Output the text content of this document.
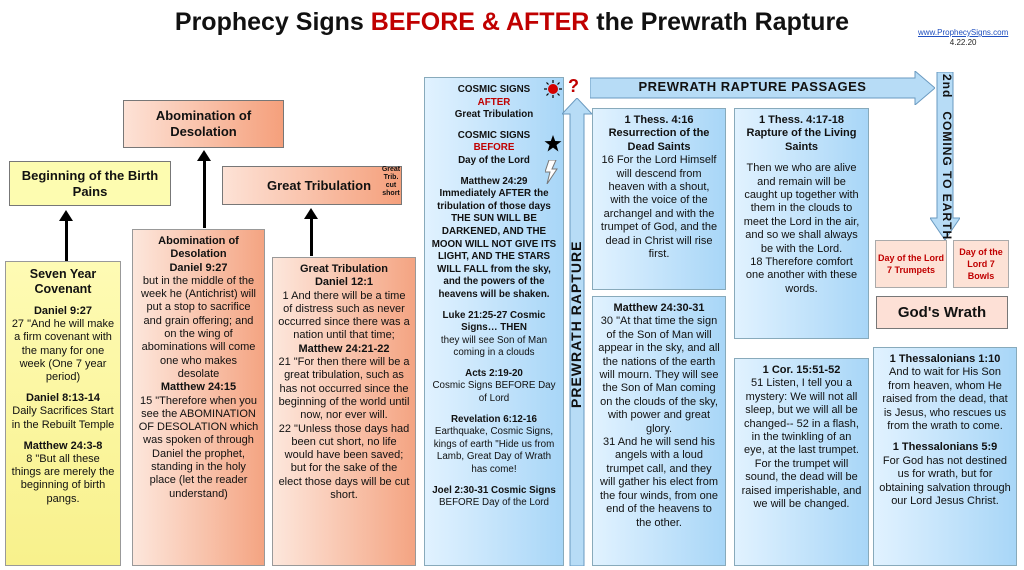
Prophecy Signs BEFORE & AFTER the Prewrath Rapture	www.ProphecySigns.com
4.22.20
Beginning of the Birth Pains
Abomination of Desolation
Great Tribulation
Great Trib. cut short
Seven Year Covenant
Daniel 9:27
27 "And he will make a firm covenant with the many for one week (One 7 year period)
Daniel 8:13-14
Daily Sacrifices Start in the Rebuilt Temple
Matthew 24:3-8
8 "But all these things are merely the beginning of birth pangs.
Abomination of Desolation
Daniel 9:27
but in the middle of the week he (Antichrist) will put a stop to sacrifice and grain offering; and on the wing of abominations will come one who makes desolate
Matthew 24:15
15 "Therefore when you see the ABOMINATION OF DESOLATION which was spoken of through Daniel the prophet, standing in the holy place (let the reader understand)
Great Tribulation
Daniel 12:1
1 And there will be a time of distress such as never occurred since there was a nation until that time;
Matthew 24:21-22
21 "For then there will be a great tribulation, such as has not occurred since the beginning of the world until now, nor ever will.
22 "Unless those days had been cut short, no life would have been saved; but for the sake of the elect those days will be cut short.
COSMIC SIGNS
AFTER
Great Tribulation
COSMIC SIGNS
BEFORE
Day of the Lord
Matthew 24:29
Immediately AFTER the tribulation of those days THE SUN WILL BE DARKENED, AND THE MOON WILL NOT GIVE ITS LIGHT, AND THE STARS WILL FALL from the sky, and the powers of the heavens will be shaken.
Luke 21:25-27 Cosmic Signs… THEN
they will see Son of Man coming in a clouds
Acts 2:19-20
Cosmic Signs BEFORE Day of Lord
Revelation 6:12-16
Earthquake, Cosmic Signs, kings of earth "Hide us from Lamb, Great Day of Wrath has come!
Joel 2:30-31 Cosmic Signs
BEFORE Day of the Lord
?
PREWRATH RAPTURE
PREWRATH RAPTURE PASSAGES	2nd   COMING TO EARTH
1 Thess. 4:16
Resurrection of the Dead Saints
16 For the Lord Himself will descend from heaven with a shout, with the voice of the archangel and with the trumpet of God, and the dead in Christ will rise first.
1 Thess. 4:17-18
Rapture of the Living Saints
Then we who are alive and remain will be caught up together with them in the clouds to meet the Lord in the air, and so we shall always be with the Lord.
18 Therefore comfort one another with these words.
Matthew 24:30-31
30 "At that time the sign of the Son of Man will appear in the sky, and all the nations of the earth will mourn. They will see the Son of Man coming on the clouds of the sky, with power and great glory.
31 And he will send his angels with a loud trumpet call, and they will gather his elect from the four winds, from one end of the heavens to the other.
1 Cor. 15:51-52
51 Listen, I tell you a mystery: We will not all sleep, but we will all be changed-- 52 in a flash, in the twinkling of an eye, at the last trumpet. For the trumpet will sound, the dead will be raised imperishable, and we will be changed.
Day of the Lord 7 Trumpets
Day of the Lord 7 Bowls
God's Wrath
1 Thessalonians 1:10
And to wait for His Son from heaven, whom He raised from the dead, that is Jesus, who rescues us from the wrath to come.
1 Thessalonians 5:9
For God has not destined us for wrath, but for obtaining salvation through our Lord Jesus Christ.
